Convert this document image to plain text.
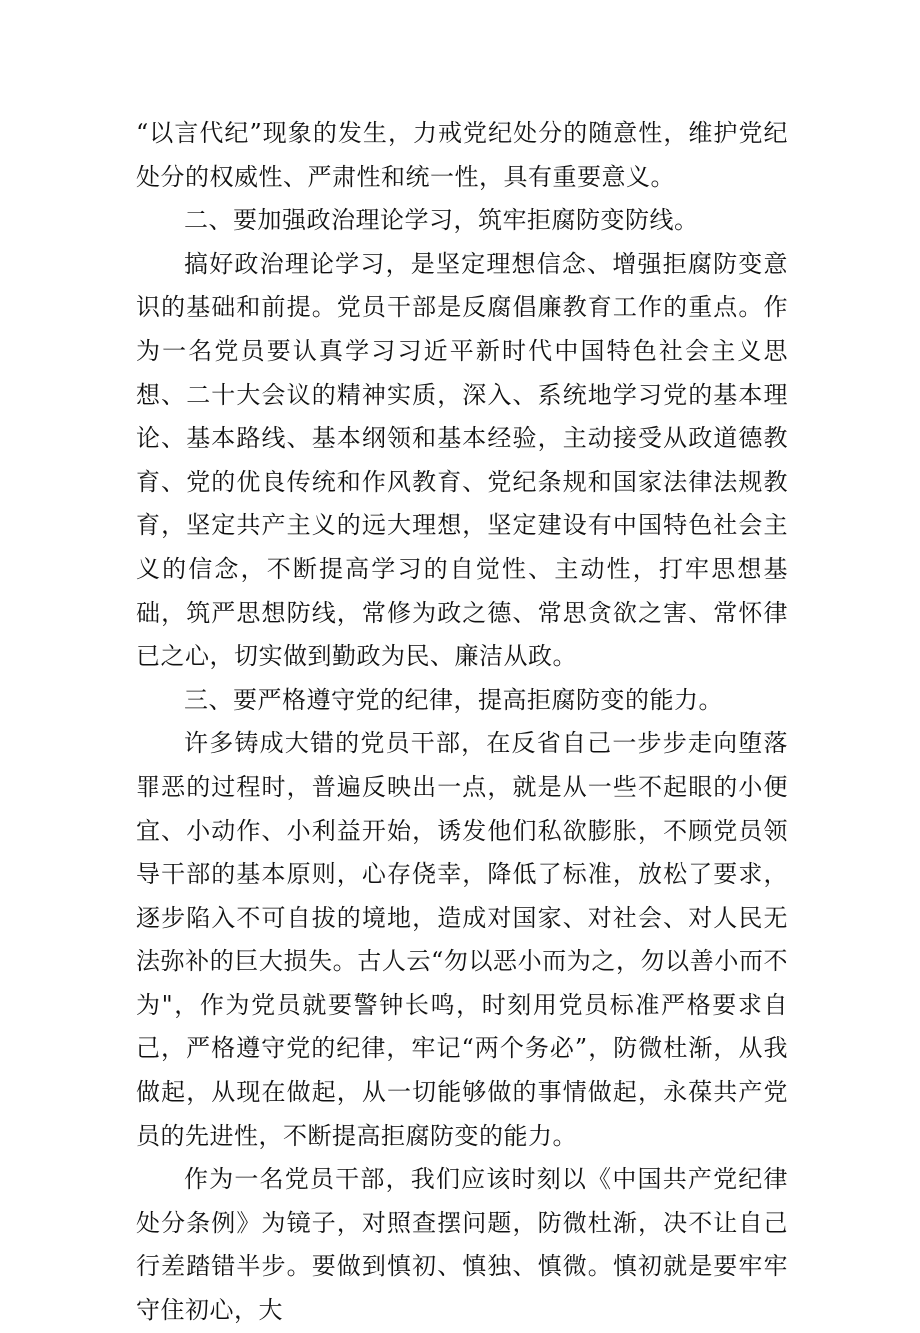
“以言代纪”现象的发生，力戒党纪处分的随意性，维护党纪处分的权威性、严肃性和统一性，具有重要意义。

二、要加强政治理论学习，筑牢拒腐防变防线。

搞好政治理论学习，是坚定理想信念、增强拒腐防变意识的基础和前提。党员干部是反腐倡廉教育工作的重点。作为一名党员要认真学习习近平新时代中国特色社会主义思想、二十大会议的精神实质，深入、系统地学习党的基本理论、基本路线、基本纲领和基本经验，主动接受从政道德教育、党的优良传统和作风教育、党纪条规和国家法律法规教育，坚定共产主义的远大理想，坚定建设有中国特色社会主义的信念，不断提高学习的自觉性、主动性，打牢思想基础，筑严思想防线，常修为政之德、常思贪欲之害、常怀律已之心，切实做到勤政为民、廉洁从政。

三、要严格遵守党的纪律，提高拒腐防变的能力。

许多铸成大错的党员干部，在反省自己一步步走向堕落罪恶的过程时，普遍反映出一点，就是从一些不起眼的小便宜、小动作、小利益开始，诱发他们私欲膨胀，不顾党员领导干部的基本原则，心存侥幸，降低了标准，放松了要求，逐步陷入不可自拔的境地，造成对国家、对社会、对人民无法弥补的巨大损失。古人云“勿以恶小而为之，勿以善小而不为"，作为党员就要警钟长鸣，时刻用党员标准严格要求自己，严格遵守党的纪律，牢记“两个务必”，防微杜渐，从我做起，从现在做起，从一切能够做的事情做起，永葆共产党员的先进性，不断提高拒腐防变的能力。

作为一名党员干部，我们应该时刻以《中国共产党纪律处分条例》为镜子，对照查摆问题，防微杜渐，决不让自己行差踏错半步。要做到慎初、慎独、慎微。慎初就是要牢牢守住初心，大
